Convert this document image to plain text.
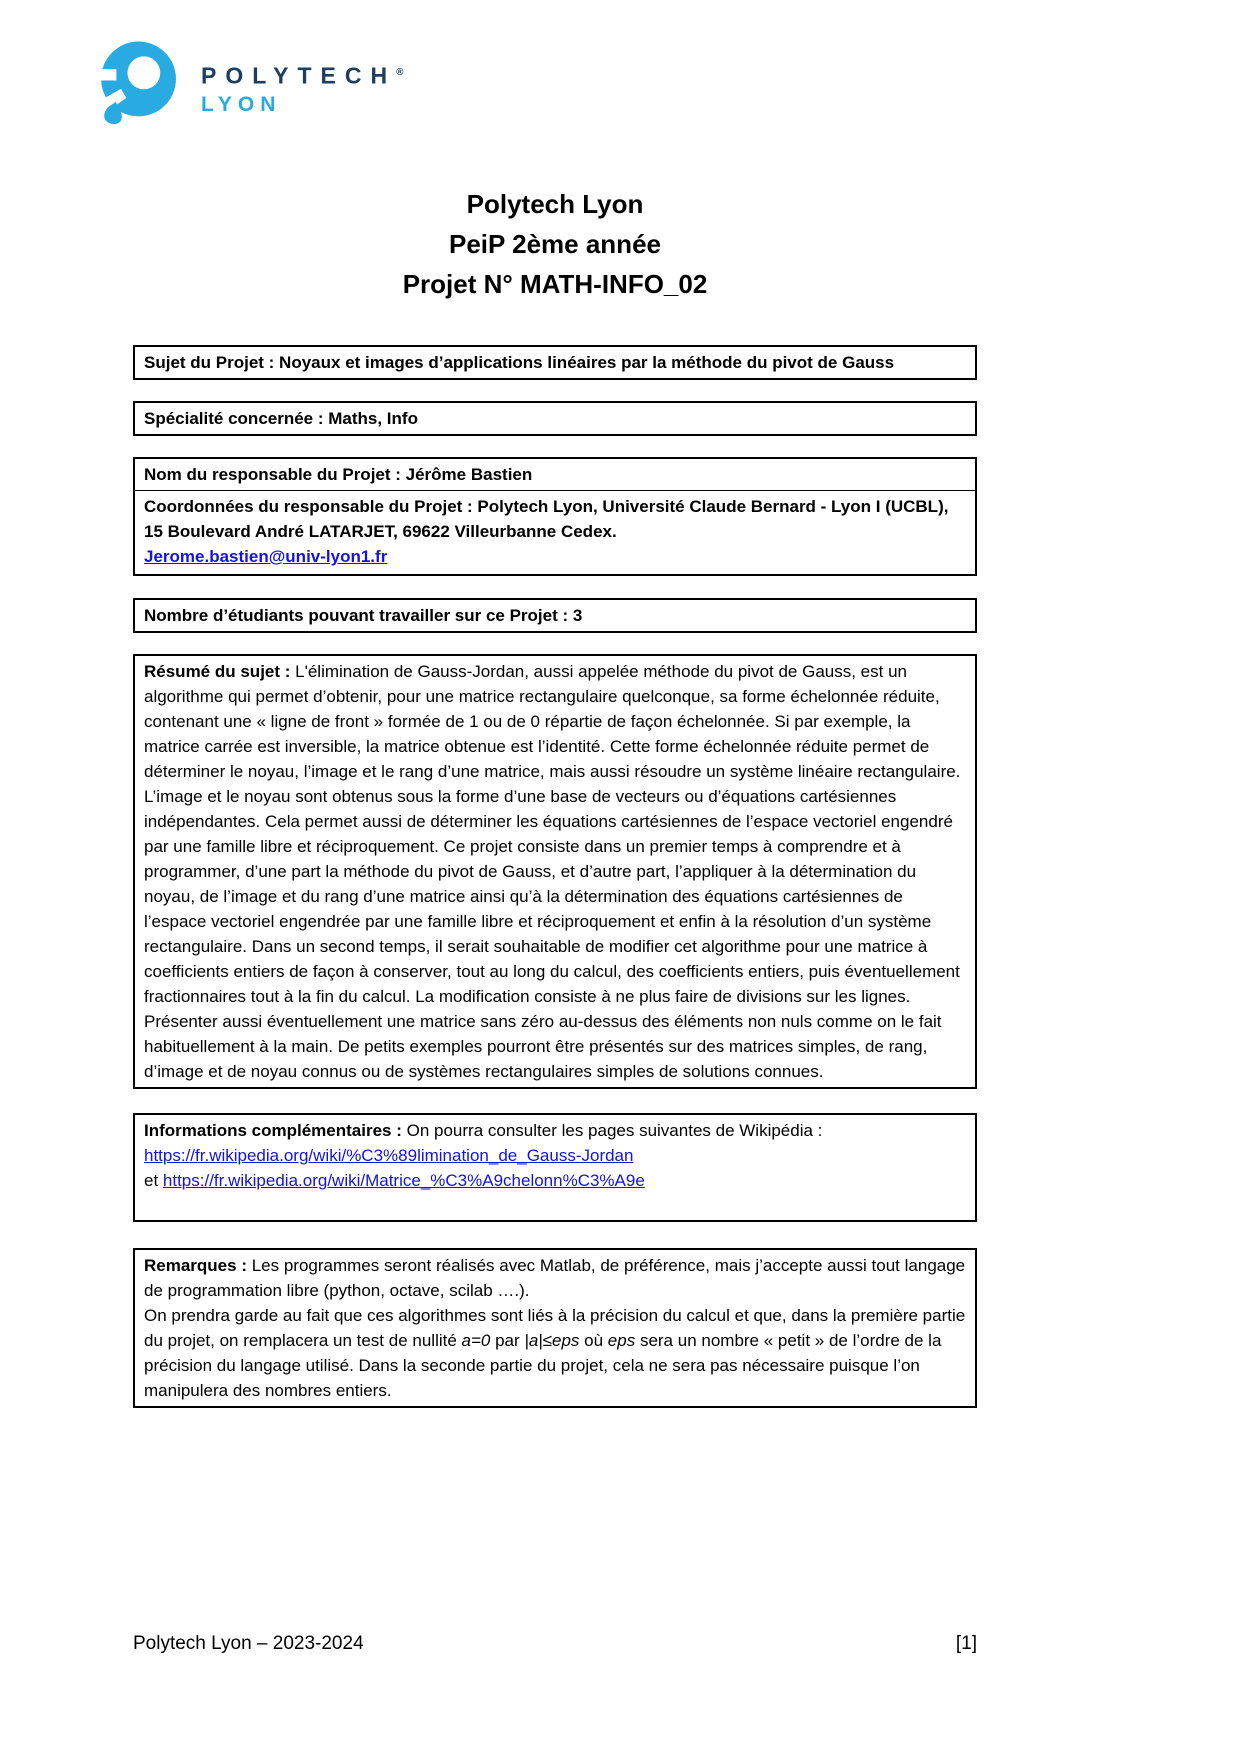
POLYTECH®
LYON
Polytech Lyon
PeiP 2ème année
Projet N° MATH-INFO_02
Sujet du Projet : Noyaux et images d’applications linéaires par la méthode du pivot de Gauss
Spécialité concernée : Maths, Info
Nom du responsable du Projet : Jérôme Bastien
Coordonnées du responsable du Projet : Polytech Lyon, Université Claude Bernard - Lyon I (UCBL), 15 Boulevard André LATARJET, 69622 Villeurbanne Cedex.
Jerome.bastien@univ-lyon1.fr
Nombre d’étudiants pouvant travailler sur ce Projet : 3
Résumé du sujet : L'élimination de Gauss-Jordan, aussi appelée méthode du pivot de Gauss, est un algorithme qui permet d’obtenir, pour une matrice rectangulaire quelconque, sa forme échelonnée réduite, contenant une « ligne de front » formée de 1 ou de 0 répartie de façon échelonnée. Si par exemple, la matrice carrée est inversible, la matrice obtenue est l’identité. Cette forme échelonnée réduite permet de déterminer le noyau, l’image et le rang d’une matrice, mais aussi résoudre un système linéaire rectangulaire. L’image et le noyau sont obtenus sous la forme d’une base de vecteurs ou d’équations cartésiennes indépendantes. Cela permet aussi de déterminer les équations cartésiennes de l’espace vectoriel engendré par une famille libre et réciproquement. Ce projet consiste dans un premier temps à comprendre et à programmer, d’une part la méthode du pivot de Gauss, et d’autre part, l’appliquer à la détermination du noyau, de l’image et du rang d’une matrice ainsi qu’à la détermination des équations cartésiennes de l’espace vectoriel engendrée par une famille libre et réciproquement et enfin à la résolution d’un système rectangulaire. Dans un second temps, il serait souhaitable de modifier cet algorithme pour une matrice à coefficients entiers de façon à conserver, tout au long du calcul, des coefficients entiers, puis éventuellement fractionnaires tout à la fin du calcul. La modification consiste à ne plus faire de divisions sur les lignes. Présenter aussi éventuellement une matrice sans zéro au-dessus des éléments non nuls comme on le fait habituellement à la main. De petits exemples pourront être présentés sur des matrices simples, de rang, d’image et de noyau connus ou de systèmes rectangulaires simples de solutions connues.
Informations complémentaires : On pourra consulter les pages suivantes de Wikipédia :
https://fr.wikipedia.org/wiki/%C3%89limination_de_Gauss-Jordan
et https://fr.wikipedia.org/wiki/Matrice_%C3%A9chelonn%C3%A9e
Remarques : Les programmes seront réalisés avec Matlab, de préférence, mais j’accepte aussi tout langage de programmation libre (python, octave, scilab ….).
On prendra garde au fait que ces algorithmes sont liés à la précision du calcul et que, dans la première partie du projet, on remplacera un test de nullité a=0 par |a|≤eps où eps sera un nombre « petit » de l’ordre de la précision du langage utilisé. Dans la seconde partie du projet, cela ne sera pas nécessaire puisque l’on manipulera des nombres entiers.
Polytech Lyon – 2023-2024	[1]
